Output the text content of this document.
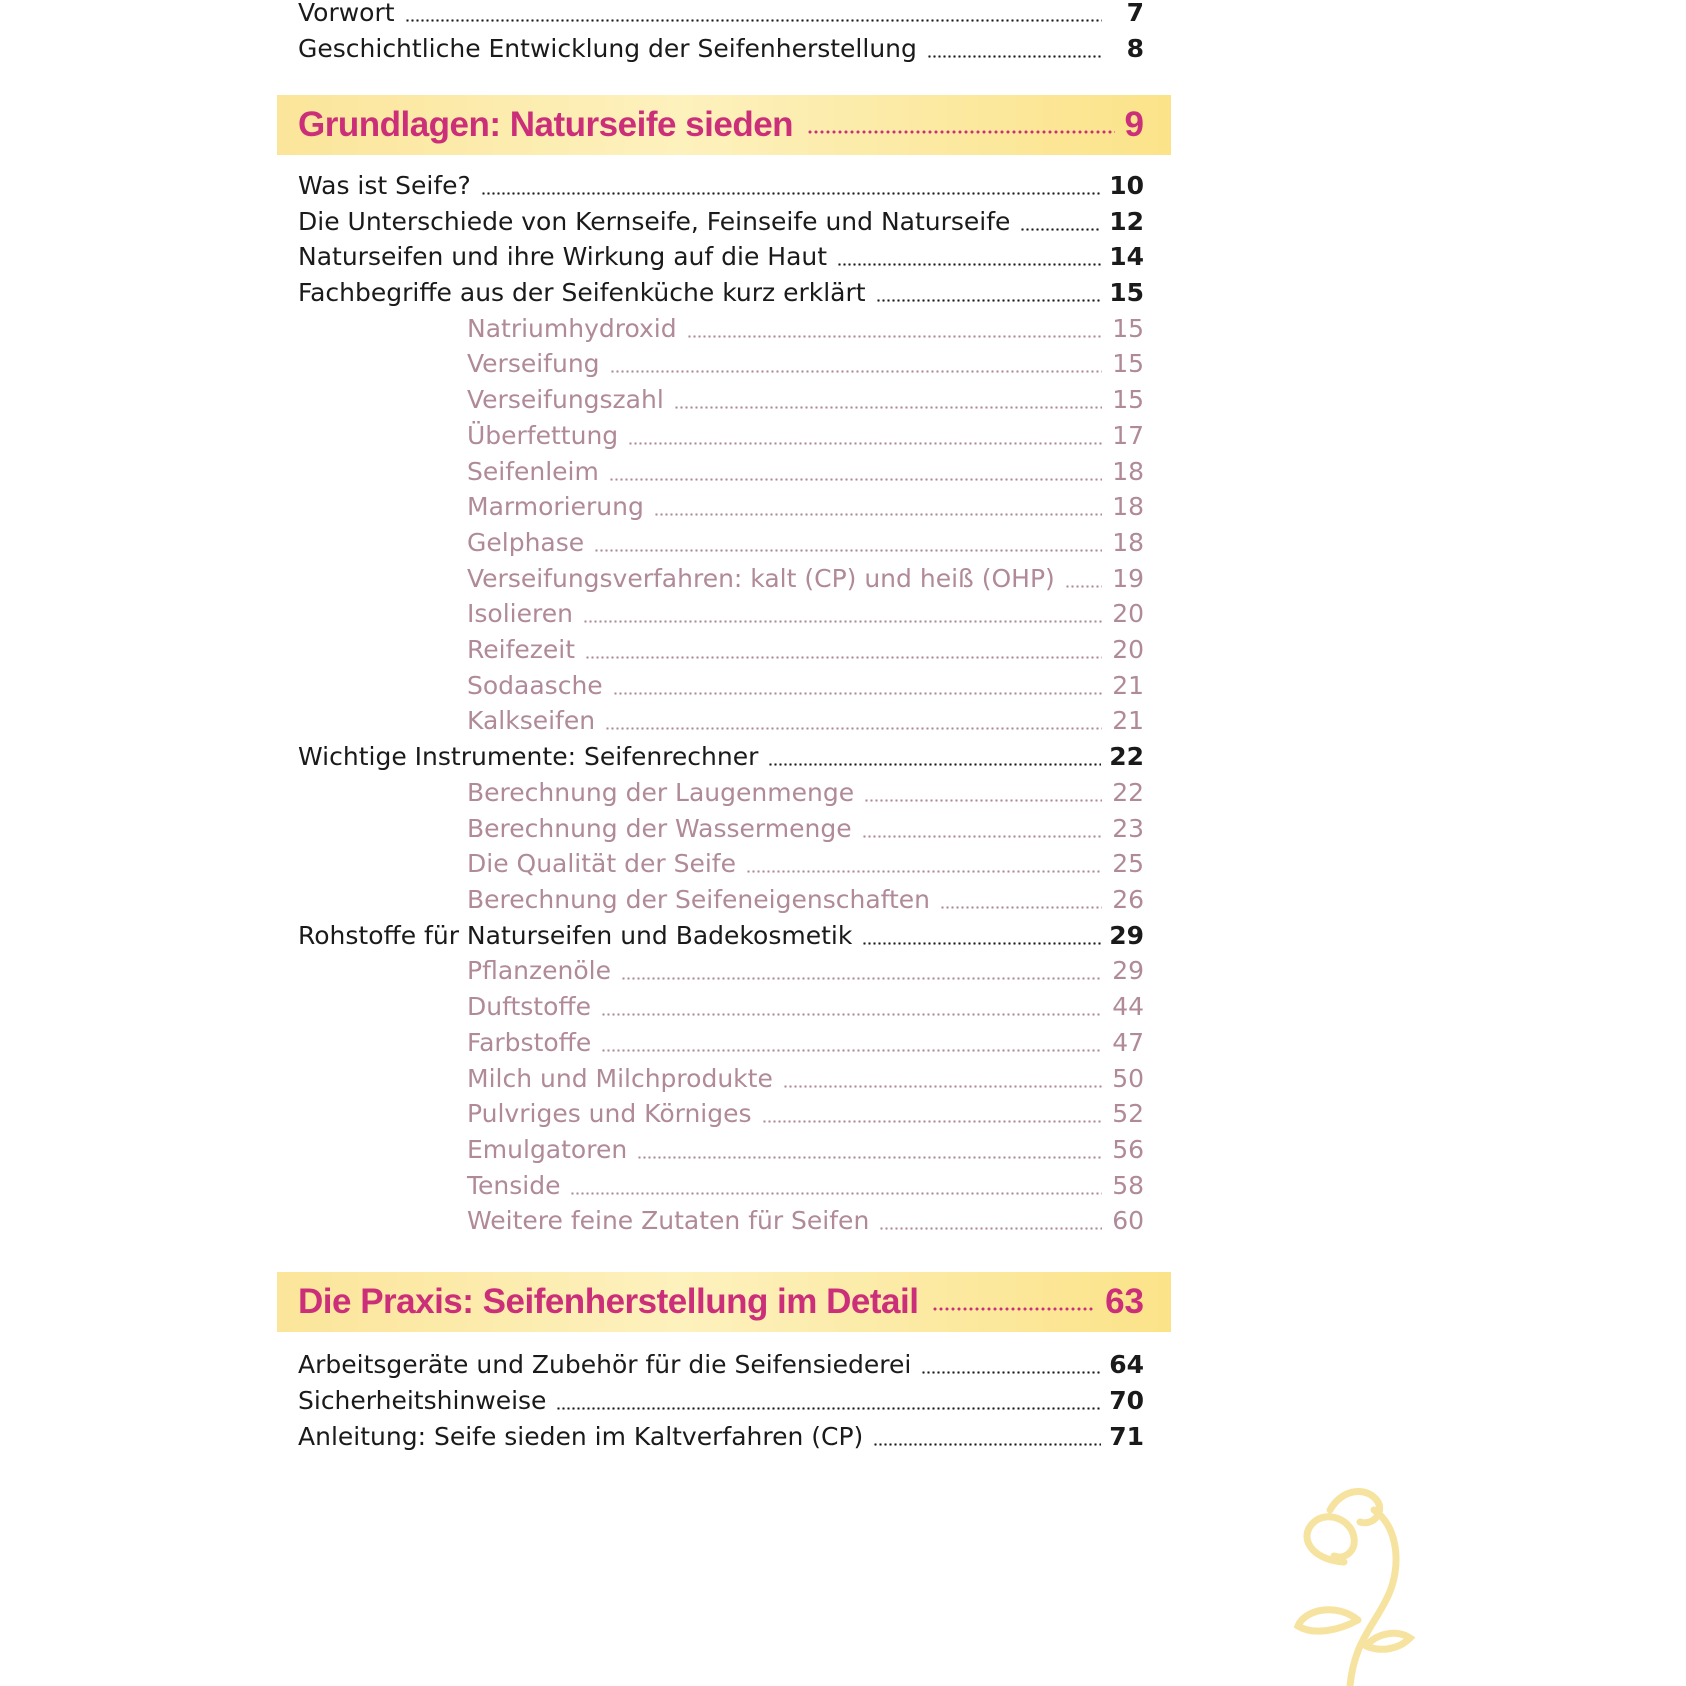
Vorwort	7
Geschichtliche Entwicklung der Seifenherstellung	8
Grundlagen: Naturseife sieden	9
Was ist Seife?	10
Die Unterschiede von Kernseife, Feinseife und Naturseife	12
Naturseifen und ihre Wirkung auf die Haut	14
Fachbegriffe aus der Seifenküche kurz erklärt	15
Natriumhydroxid	15
Verseifung	15
Verseifungszahl	15
Überfettung	17
Seifenleim	18
Marmorierung	18
Gelphase	18
Verseifungsverfahren: kalt (CP) und heiß (OHP) 19
Isolieren	20
Reifezeit	20
Sodaasche	21
Kalkseifen	21
Wichtige Instrumente: Seifenrechner	22
Berechnung der Laugenmenge	22
Berechnung der Wassermenge	23
Die Qualität der Seife	25
Berechnung der Seifeneigenschaften	26
Rohstoffe für Naturseifen und Badekosmetik	29
Pflanzenöle	29
Duftstoffe	44
Farbstoffe	47
Milch und Milchprodukte	50
Pulvriges und Körniges	52
Emulgatoren	56
Tenside	58
Weitere feine Zutaten für Seifen	60
Die Praxis: Seifenherstellung im Detail	63
Arbeitsgeräte und Zubehör für die Seifensiederei	64
Sicherheitshinweise	70
Anleitung: Seife sieden im Kaltverfahren (CP)	71
